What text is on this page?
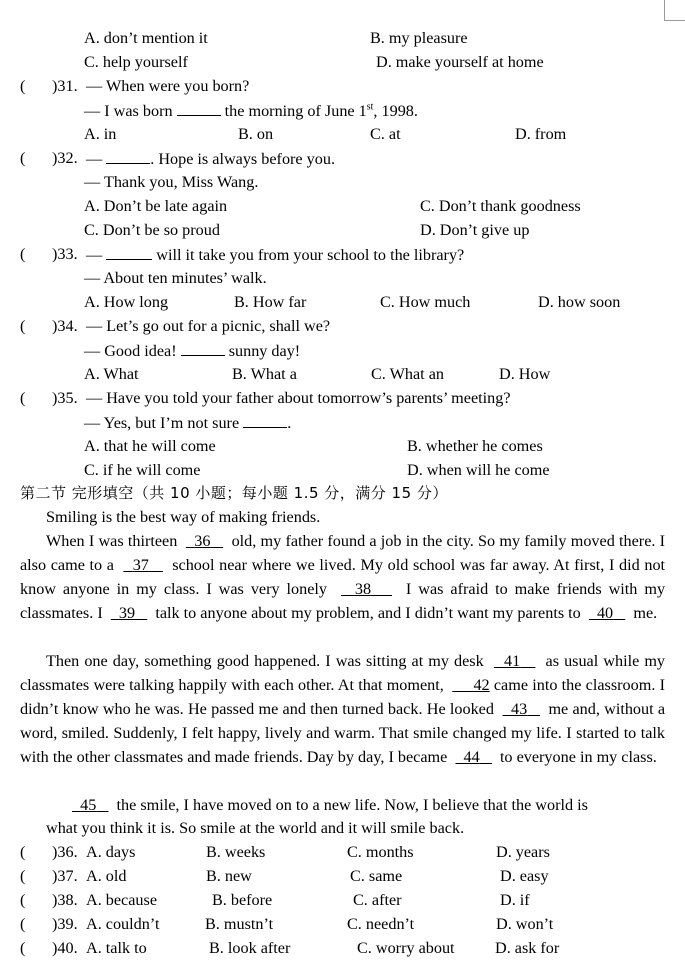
A. don’t mention it	B. my pleasure
C. help yourself	D. make yourself at home
( )31. — When were you born?
— I was born	the morning of June 1st, 1998.
A. in	B. on	C. at	D. from
( )32. —	. Hope is always before you.
— Thank you, Miss Wang.
A. Don’t be late again	C. Don’t thank goodness
C. Don’t be so proud	D. Don’t give up
( )33. —	will it take you from your school to the library?
— About ten minutes’ walk.
A. How long	B. How far	C. How much	D. how soon
( )34. — Let’s go out for a picnic, shall we?
— Good idea!	sunny day!
A. What	B. What a	C. What an	D. How
( )35. — Have you told your father about tomorrow’s parents’ meeting?
— Yes, but I’m not sure	.
A. that he will come	B. whether he comes
C. if he will come	D. when will he come
第二节 完形填空（共 10 小题；每小题 1.5 分，满分 15 分）
Smiling is the best way of making friends.
When I was thirteen 36 old, my father found a job in the city. So my family moved there. I also came to a 37 school near where we lived. My old school was far away. At first, I did not know anyone in my class. I was very lonely 38 I was afraid to make friends with my classmates. I 39 talk to anyone about my problem, and I didn’t want my parents to 40 me.
Then one day, something good happened. I was sitting at my desk 41 as usual while my classmates were talking happily with each other. At that moment, 42 came into the classroom. I didn’t know who he was. He passed me and then turned back. He looked 43 me and, without a word, smiled. Suddenly, I felt happy, lively and warm. That smile changed my life. I started to talk with the other classmates and made friends. Day by day, I became 44 to everyone in my class.
45 the smile, I have moved on to a new life. Now, I believe that the world is
what you think it is. So smile at the world and it will smile back.
( )36. A. days	B. weeks	C. months	D. years
( )37. A. old	B. new	C. same	D. easy
( )38. A. because	B. before	C. after	D. if
( )39. A. couldn’t	B. mustn’t	C. needn’t	D. won’t
( )40. A. talk to	B. look after	C. worry about D. ask for
